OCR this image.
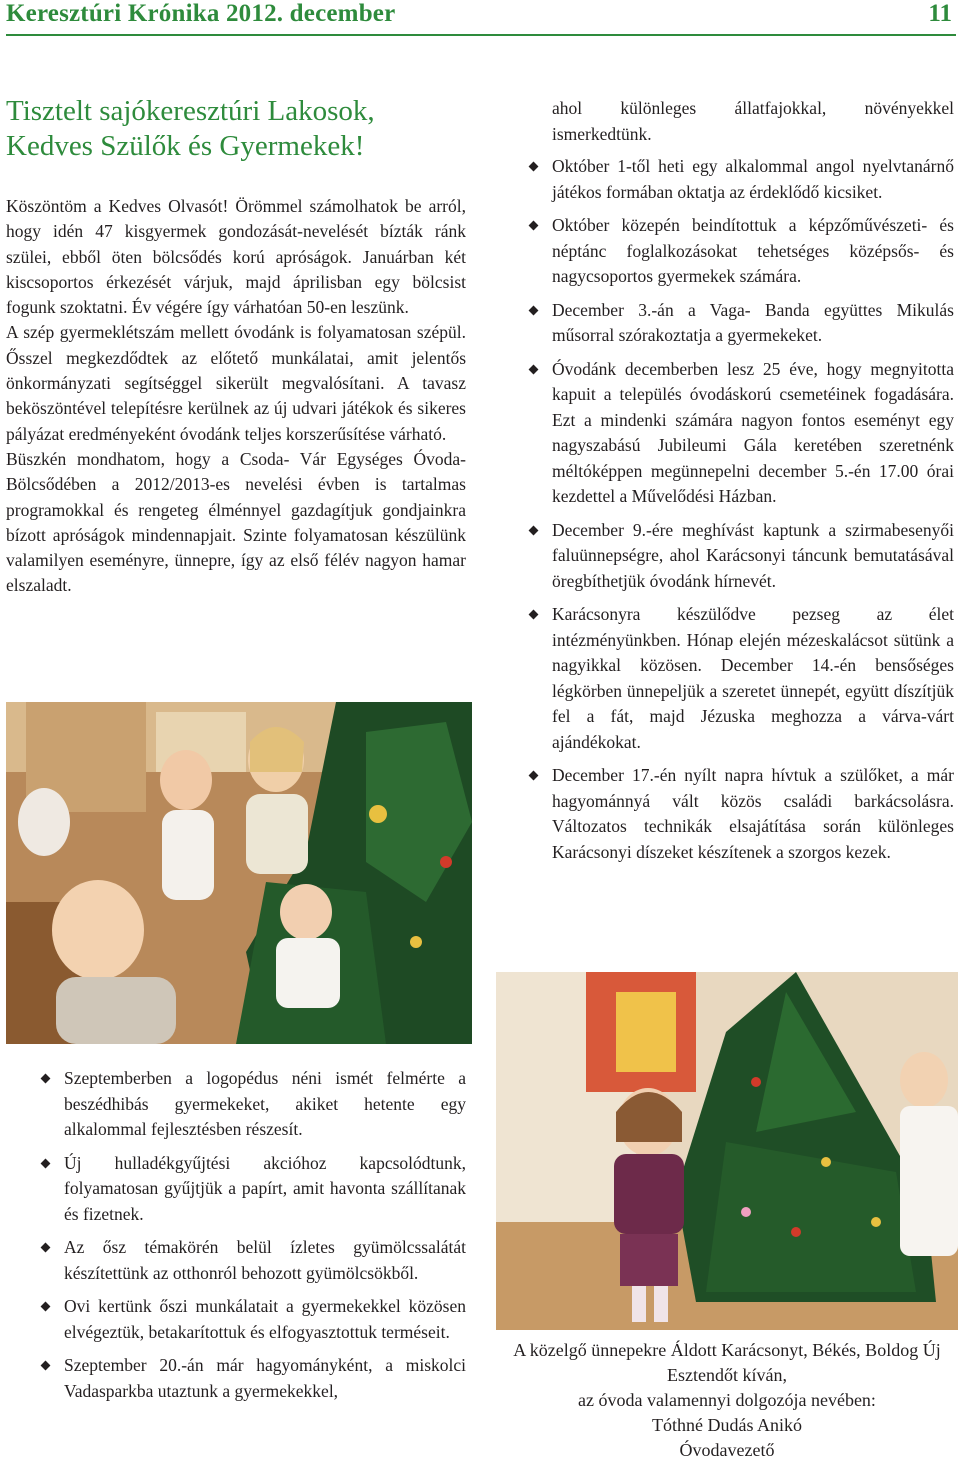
Keresztúri Krónika 2012. december	11
Tisztelt sajókeresztúri Lakosok, Kedves Szülők és Gyermekek!

Köszöntöm a Kedves Olvasót! Örömmel számolhatok be arról, hogy idén 47 kisgyermek gondozását-nevelését bízták ránk szülei, ebből öten bölcsődés korú apróságok. Januárban két kiscsoportos érkezését várjuk, majd áprilisban egy bölcsist fogunk szoktatni. Év végére így várhatóan 50-en leszünk.

A szép gyermeklétszám mellett óvodánk is folyamatosan szépül. Ősszel megkezdődtek az előtető munkálatai, amit jelentős önkormányzati segítséggel sikerült megvalósítani. A tavasz beköszöntével telepítésre kerülnek az új udvari játékok és sikeres pályázat eredményeként óvodánk teljes korszerűsítése várható.

Büszkén mondhatom, hogy a Csoda- Vár Egységes Óvoda- Bölcsődében a 2012/2013-es nevelési évben is tartalmas programokkal és rengeteg élménnyel gazdagítjuk gondjainkra bízott apróságok mindennapjait. Szinte folyamatosan készülünk valamilyen eseményre, ünnepre, így az első félév nagyon hamar elszaladt.

ahol különleges állatfajokkal, növényekkel ismerkedtünk.
Október 1-től heti egy alkalommal angol nyelvtanárnő játékos formában oktatja az érdeklődő kicsiket.
Október közepén beindítottuk a képzőművészeti- és néptánc foglalkozásokat tehetséges középsős- és nagycsoportos gyermekek számára.
December 3.-án a Vaga- Banda együttes Mikulás műsorral szórakoztatja a gyermekeket.
Óvodánk decemberben lesz 25 éve, hogy megnyitotta kapuit a település óvodáskorú csemetéinek fogadására. Ezt a mindenki számára nagyon fontos eseményt egy nagyszabású Jubileumi Gála keretében szeretnénk méltóképpen megünnepelni december 5.-én 17.00 órai kezdettel a Művelődési Házban.
December 9.-ére meghívást kaptunk a szirmabesenyői faluünnepségre, ahol Karácsonyi táncunk bemutatásával öregbíthetjük óvodánk hírnevét.
Karácsonyra készülődve pezseg az élet intézményünkben. Hónap elején mézeskalácsot sütünk a nagyikkal közösen. December 14.-én bensőséges légkörben ünnepeljük a szeretet ünnepét, együtt díszítjük fel a fát, majd Jézuska meghozza a várva-várt ajándékokat.
December 17.-én nyílt napra hívtuk a szülőket, a már hagyománnyá vált közös családi barkácsolásra. Változatos technikák elsajátítása során különleges Karácsonyi díszeket készítenek a szorgos kezek.
Szeptemberben a logopédus néni ismét felmérte a beszédhibás gyermekeket, akiket hetente egy alkalommal fejlesztésben részesít.
Új hulladékgyűjtési akcióhoz kapcsolódtunk, folyamatosan gyűjtjük a papírt, amit havonta szállítanak és fizetnek.
Az ősz témakörén belül ízletes gyümölcssalátát készítettünk az otthonról behozott gyümölcsökből.
Ovi kertünk őszi munkálatait a gyermekekkel közösen elvégeztük, betakarítottuk és elfogyasztottuk terméseit.
Szeptember 20.-án már hagyományként, a miskolci Vadasparkba utaztunk a gyermekekkel,
A közelgő ünnepekre Áldott Karácsonyt, Békés, Boldog Új Esztendőt kíván,
az óvoda valamennyi dolgozója nevében:
Tóthné Dudás Anikó
Óvodavezető
